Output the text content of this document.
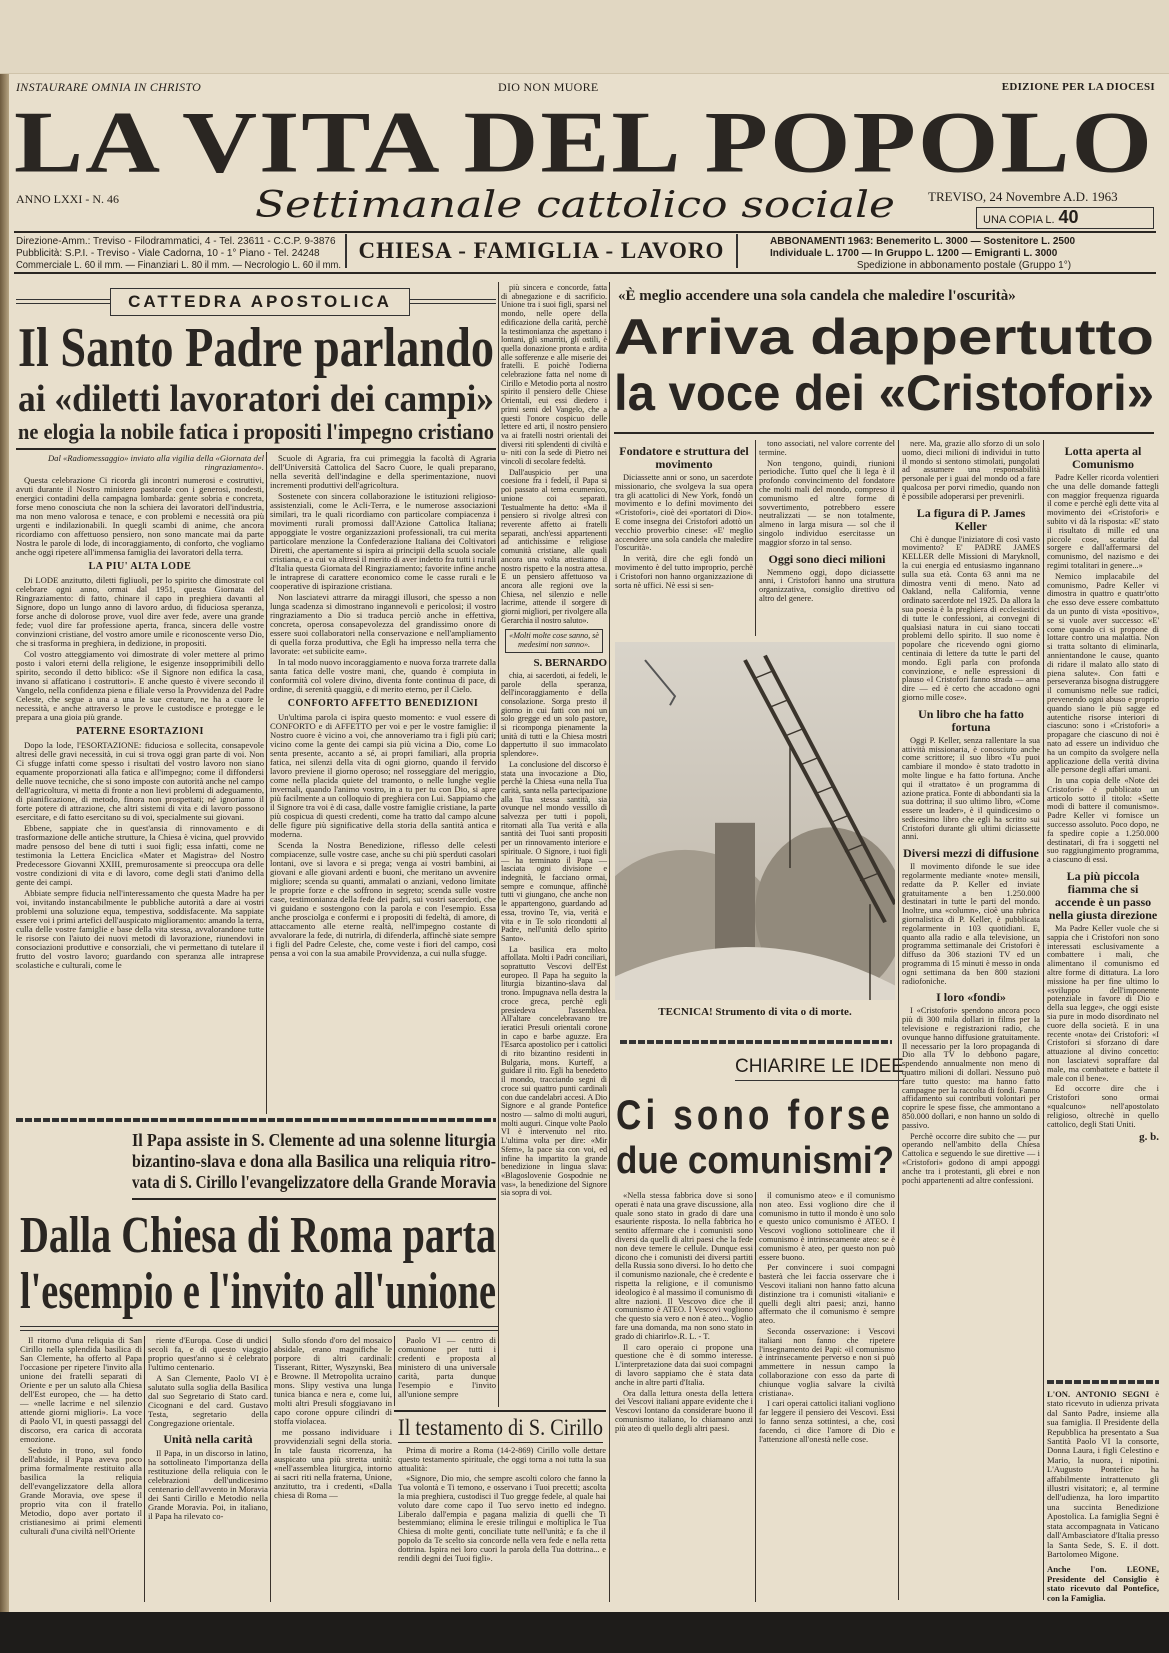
INSTAURARE OMNIA IN CHRISTO	DIO NON MUORE	EDIZIONE PER LA DIOCESI
LA VITA DEL POPOLO
ANNO LXXI - N. 46	Settimanale cattolico sociale	TREVISO, 24 Novembre A.D. 1963
UNA COPIA L. 40
Direzione-Amm.: Treviso - Filodrammatici, 4 - Tel. 23611 - C.C.P. 9-3876
Pubblicità: S.P.I. - Treviso - Viale Cadorna, 10 - 1° Piano - Tel. 24248
Commerciale L. 60 il mm. — Finanziari L. 80 il mm. — Necrologio L. 60 il mm.
CHIESA - FAMIGLIA - LAVORO	ABBONAMENTI 1963: Benemerito L. 3000 — Sostenitore L. 2500
Individuale L. 1700 — In Gruppo L. 1200 — Emigranti L. 3000
Spedizione in abbonamento postale (Gruppo 1°)
CATTEDRA APOSTOLICA
Il Santo Padre parlando
ai «diletti lavoratori dei campi»
ne elogia la nobile fatica i propositi l'impegno cristiano

Dal «Radiomessaggio» inviato alla vigilia della «Giornata del ringraziamento».

Questa celebrazione Ci ricorda gli incontri numerosi e costruttivi, avuti durante il Nostro ministero pastorale con i generosi, modesti, energici contadini della campagna lombarda: gente sobria e concreta, forse meno conosciuta che non la schiera dei lavoratori dell'industria, ma non meno valorosa e tenace, e con problemi e necessità ora più urgenti e indilazionabili. In quegli scambi di anime, che ancora ricordiamo con affettuoso pensiero, non sono mancate mai da parte Nostra le parole di lode, di incoraggiamento, di conforto, che vogliamo anche oggi ripetere all'immensa famiglia dei lavoratori della terra.

LA PIU' ALTA LODE

Di LODE anzitutto, diletti figliuoli, per lo spirito che dimostrate col celebrare ogni anno, ormai dal 1951, questa Giornata del Ringraziamento: di fatto, chinare il capo in preghiera davanti al Signore, dopo un lungo anno di lavoro arduo, di fiduciosa speranza, forse anche di dolorose prove, vuol dire aver fede, avere una grande fede; vuol dire far professione aperta, franca, sincera delle vostre convinzioni cristiane, del vostro amore umile e riconoscente verso Dio, che si trasforma in preghiera, in dedizione, in propositi.

Col vostro atteggiamento voi dimostrate di voler mettere al primo posto i valori eterni della religione, le esigenze insopprimibili dello spirito, secondo il detto biblico: «Se il Signore non edifica la casa, invano si affaticano i costruttori». E anche questo è vivere secondo il Vangelo, nella confidenza piena e filiale verso la Provvidenza del Padre Celeste, che segue a una a una le sue creature, ne ha a cuore le necessità, e anche attraverso le prove le custodisce e protegge e le prepara a una gioia più grande.

PATERNE ESORTAZIONI

Dopo la lode, l'ESORTAZIONE: fiduciosa e sollecita, consapevole altresì delle gravi necessità, in cui si trova oggi gran parte di voi. Non Ci sfugge infatti come spesso i risultati del vostro lavoro non siano equamente proporzionati alla fatica e all'impegno; come il diffondersi delle nuove tecniche, che si sono imposte con autorità anche nel campo dell'agricoltura, vi metta di fronte a non lievi problemi di adeguamento, di pianificazione, di metodo, finora non prospettati; né ignoriamo il forte potere di attrazione, che altri sistemi di vita e di lavoro possono esercitare, e di fatto esercitano su di voi, specialmente sui giovani.

Ebbene, sappiate che in quest'ansia di rinnovamento e di trasformazione delle antiche strutture, la Chiesa è vicina, quel provvido madre pensoso del bene di tutti i suoi figli; essa infatti, come ne testimonia la Lettera Enciclica «Mater et Magistra» del Nostro Predecessore Giovanni XXIII, premurosamente si preoccupa ora delle vostre condizioni di vita e di lavoro, come degli stati d'animo della gente dei campi.

Abbiate sempre fiducia nell'interessamento che questa Madre ha per voi, invitando instancabilmente le pubbliche autorità a dare ai vostri problemi una soluzione equa, tempestiva, soddisfacente. Ma sappiate essere voi i primi artefici dell'auspicato miglioramento: amando la terra, culla delle vostre famiglie e base della vita stessa, avvalorandone tutte le risorse con l'aiuto dei nuovi metodi di lavorazione, riunendovi in consociazioni produttive e consorziali, che vi permettano di tutelare il frutto del vostro lavoro; guardando con speranza alle intraprese scolastiche e culturali, come le

Scuole di Agraria, fra cui primeggia la facoltà di Agraria dell'Università Cattolica del Sacro Cuore, le quali preparano, nella severità dell'indagine e della sperimentazione, nuovi incrementi produttivi dell'agricoltura.

Sostenete con sincera collaborazione le istituzioni religioso-assistenziali, come le Acli-Terra, e le numerose associazioni similari, tra le quali ricordiamo con particolare compiacenza i movimenti rurali promossi dall'Azione Cattolica Italiana; appoggiate le vostre organizzazioni professionali, tra cui merita particolare menzione la Confederazione Italiana dei Coltivatori Diretti, che apertamente si ispira ai principii della scuola sociale cristiana, e a cui va altresì il merito di aver indetto fra tutti i rurali d'Italia questa Giornata del Ringraziamento; favorite infine anche le intraprese di carattere economico come le casse rurali e le cooperative di ispirazione cristiana.

Non lasciatevi attrarre da miraggi illusori, che spesso a non lunga scadenza si dimostrano ingannevoli e pericolosi; il vostro ringraziamento a Dio si traduca perciò anche in effettiva, concreta, operosa consapevolezza del grandissimo onore di essere suoi collaboratori nella conservazione e nell'ampliamento di quella forza produttiva, che Egli ha impresso nella terra che lavorate: «et subiicite eam».

In tal modo nuovo incoraggiamento e nuova forza trarrete dalla santa fatica delle vostre mani, che, quando è compiuta in conformità col volere divino, diventa fonte continua di pace, di ordine, di serenità quaggiù, e di merito eterno, per il Cielo.

CONFORTO AFFETTO BENEDIZIONI

Un'ultima parola ci ispira questo momento: e vuol essere di CONFORTO e di AFFETTO per voi e per le vostre famiglie: il Nostro cuore è vicino a voi, che annoveriamo tra i figli più cari; vicino come la gente dei campi sia più vicina a Dio, come Lo senta presente, accanto a sé, ai propri familiari, alla propria fatica, nei silenzi della vita di ogni giorno, quando il fervido lavoro previene il giorno operoso; nel rosseggiare del meriggio, come nella placida quiete del tramonto, o nelle lunghe veglie invernali, quando l'animo vostro, in a tu per tu con Dio, si apre più facilmente a un colloquio di preghiera con Lui. Sappiamo che il Signore tra voi è di casa, dalle vostre famiglie cristiane, la parte più cospicua di questi credenti, come ha tratto dal campo alcune delle figure più significative della storia della santità antica e moderna.

Scenda la Nostra Benedizione, riflesso delle celesti compiacenze, sulle vostre case, anche su chi più sperduti casolari lontani, ove si lavora e si prega; venga ai vostri bambini, ai giovani e alle giovani ardenti e buoni, che meritano un avvenire migliore; scenda su quanti, ammalati o anziani, vedono limitate le proprie forze e che soffrono in segreto; scenda sulle vostre case, testimonianza della fede dei padri, sui vostri sacerdoti, che vi guidano e sostengono con la parola e con l'esempio. Essa anche prosciolga e confermi e i propositi di fedeltà, di amore, di attaccamento alle eterne realtà, nell'impegno costante di avvalorare la fede, di nutrirla, di difenderla, affinchè siate sempre i figli del Padre Celeste, che, come veste i fiori del campo, così pensa a voi con la sua amabile Provvidenza, a cui nulla sfugge.

più sincera e concorde, fatta di abnegazione e di sacrificio. Unione tra i suoi figli, sparsi nel mondo, nelle opere della edificazione della carità, perchè la testimonianza che aspettano i lontani, gli smarriti, gli ostili, è quella donazione pronta e ardita alle sofferenze e alle miserie dei fratelli. E poichè l'odierna celebrazione fatta nel nome di Cirillo e Metodio porta al nostro spirito il pensiero delle Chiese Orientali, eui essi diedero i primi semi del Vangelo, che a questi l'onore cospicuo delle lettere ed arti, il nostro pensiero va ai fratelli nostri orientali dei diversi riti splendenti di civiltà e u- niti con la sede di Pietro nei vincoli di secolare fedeltà.

Dall'auspicio per una coesione fra i fedeli, il Papa si poi passato al tema ecumenico, unione coi separati. Testualmente ha detto: «Ma il pensiero si rivolge altresì con reverente affetto ai fratelli separati, anch'essi appartenenti ad antichissime e religiose comunità cristiane, alle quali ancora una volta attestiamo il nostro rispetto e la nostra attesa. E un pensiero affettuoso va ancora alle regioni ove la Chiesa, nel silenzio e nelle lacrime, attende il sorgere di giorni migliori, per rivolgere alla Gerarchia il nostro saluto».

«Molti molte cose sanno, sè medesimi non sanno».

S. BERNARDO

chia, ai sacerdoti, ai fedeli, le parole della speranza, dell'incoraggiamento e della consolazione. Sorga presto il giorno in cui fatti con noi un solo gregge ed un solo pastore, si ricomponga pienamente la unità di tutti e la Chiesa mostri dappertutto il suo immacolato splendore».

La conclusione del discorso è stata una invocazione a Dio, perchè la Chiesa «una nella Tua carità, santa nella partecipazione alla Tua stessa santità, sia ovunque nel mondo vessillo di salvezza per tutti i popoli, ritornati alla Tua verità e alla santità dei Tuoi santi propositi per un rinnovamento interiore e spirituale. O Signore, i tuoi figli — ha terminato il Papa — lasciata ogni divisione e indegnità, le facciano ormai, sempre e comunque, affinchè tutti vi giungano, che anche non le appartengono, guardando ad essa, trovino Te, via, verità e vita e in Te solo ricondotti al Padre, nell'unità dello spirito Santo».

La basilica era molto affollata. Molti i Padri conciliari, soprattutto Vescovi dell'Est europeo. Il Papa ha seguito la liturgia bizantino-slava dal trono. Impugnava nella destra la croce greca, perchè egli presiedeva l'assemblea. All'altare concelebravano tre ieratici Presuli orientali corone in capo e barbe aguzze. Era l'Esarca apostolico per i cattolici di rito bizantino residenti in Bulgaria, mons. Kurteff, a guidare il rito. Egli ha benedetto il mondo, tracciando segni di croce sui quattro punti cardinali con due candelabri accesi. A Dio Signore e al grande Pontefice nostro — salmo di molti auguri, molti auguri. Cinque volte Paolo VI è intervenuto nel rito. L'ultima volta per dire: «Mir Sfem», la pace sia con voi, ed infine ha impartito la grande benedizione in lingua slava: «Blagoslovenie Gospodnie ne vas», la benedizione del Signore sia sopra di voi.

«È meglio accendere una sola candela che maledire l'oscurità»
Arriva dappertutto
la voce dei «Cristofori»
Fondatore e struttura del movimento

Diciassette anni or sono, un sacerdote missionario, che svolgeva la sua opera tra gli acattolici di New York, fondò un movimento e lo definì movimento dei «Cristofori», cioè dei «portatori di Dio». E come insegna dei Cristofori adottò un vecchio proverbio cinese: «E' meglio accendere una sola candela che maledire l'oscurità».

In verità, dire che egli fondò un movimento è del tutto improprio, perchè i Cristofori non hanno organizzazione di sorta nè uffici. Nè essi si sen-

tono associati, nel valore corrente del termine.

Non tengono, quindi, riunioni periodiche. Tutto quel che li lega è il profondo convincimento del fondatore che molti mali del mondo, compreso il comunismo ed altre forme di sovvertimento, potrebbero essere neutralizzati — se non totalmente, almeno in larga misura — sol che il singolo individuo esercitasse un maggior sforzo in tal senso.

Oggi sono dieci milioni

Nemmeno oggi, dopo diciassette anni, i Cristofori hanno una struttura organizzativa, consiglio direttivo od altro del genere.

nere. Ma, grazie allo sforzo di un solo uomo, dieci milioni di individui in tutto il mondo si sentono stimolati, pungolati ad assumere una responsabilità personale per i guai del mondo od a fare qualcosa per porvi rimedio, quando non è possibile adoperarsi per prevenirli.

La figura di P. James Keller

Chi è dunque l'iniziatore di così vasto movimento? E' PADRE JAMES KELLER delle Missioni di Maryknoll, la cui energia ed entusiasmo ingannano sulla sua età. Conta 63 anni ma ne dimostra venti di meno. Nato ad Oakland, nella California, venne ordinato sacerdote nel 1925. Da allora la sua poesia è la preghiera di ecclesiastici di tutte le confessioni, ai convegni di qualsiasi natura in cui siano toccati problemi dello spirito. Il suo nome è popolare che ricevendo ogni giorno centinaia di lettere da tutte le parti del mondo. Egli parla con profonda convinzione, e nelle espressioni di plauso «I Cristofori fanno strada — ama dire — ed è certo che accadono ogni giorno mille cose».

Un libro che ha fatto fortuna

Oggi P. Keller, senza rallentare la sua attività missionaria, è conosciuto anche come scrittore; il suo libro «Tu puoi cambiare il mondo» è stato tradotto in molte lingue e ha fatto fortuna. Anche qui il «trattato» è un programma di azione pratica. Fonte di abbondanti sia la sua dottrina; il suo ultimo libro, «Come essere un leader», è il quindicesimo o sedicesimo libro che egli ha scritto sui Cristofori durante gli ultimi diciassette anni.

Diversi mezzi di diffusione

Il movimento difonde le sue idee regolarmente mediante «note» mensili, redatte da P. Keller ed inviate gratuitamente a ben 1.250.000 destinatari in tutte le parti del mondo. Inoltre, una «column», cioè una rubrica giornalistica di P. Keller, è pubblicata regolarmente in 103 quotidiani. E, quanto alla radio e alla televisione, un programma settimanale dei Cristofori è diffuso da 306 stazioni TV ed un programma di 15 minuti è messo in onda ogni settimana da ben 800 stazioni radiofoniche.

I loro «fondi»

I «Cristofori» spendono ancora poco più di 300 mila dollari in films per la televisione e registrazioni radio, che ovunque hanno diffusione gratuitamente. Il necessario per la loro propaganda di Dio alla TV lo debbono pagare, spendendo annualmente non meno di quattro milioni di dollari. Nessuno può fare tutto questo: ma hanno fatto campagne per la raccolta di fondi. Fanno affidamento sui contributi volontari per coprire le spese fisse, che ammontano a 850.000 dollari, e non hanno un soldo di passivo.

Perchè occorre dire subito che — pur operando nell'ambito della Chiesa Cattolica e seguendo le sue direttive — i «Cristofori» godono di ampi appoggi anche tra i protestanti, gli ebrei e non pochi appartenenti ad altre confessioni.

Lotta aperta al Comunismo

Padre Keller ricorda volentieri che una delle domande fattegli con maggior frequenza riguarda il come e perchè egli dette vita al movimento dei «Cristofori» e subito vi dà la risposta: «E' stato il risultato di mille ed una piccole cose, scaturite dal sorgere e dall'affermarsi del comunismo, del nazismo e dei regimi totalitari in genere...»

Nemico implacabile del comunismo, Padre Keller vi dimostra in quattro e quattr'otto che esso deve essere combattuto da un punto di vista «positivo», se si vuole aver successo: «E' come quando ci si propone di lottare contro una malattia. Non si tratta soltanto di eliminarla, annientandone le cause, quanto di ridare il malato allo stato di piena salute». Con fatti e perseveranza bisogna distruggere il comunismo nelle sue radici, prevenendo ogni abuso e proprio quando siano le più sagge ed autentiche risorse interiori di ciascuno: sono i «Cristofori» a propagare che ciascuno di noi è nato ad essere un individuo che ha un compito da svolgere nella applicazione della verità divina alle persone degli affari umani.

In una copia delle «Note dei Cristofori» è pubblicato un articolo sotto il titolo: «Sette modi di battere il comunismo». Padre Keller vi fornisce un successo assoluto. Poco dopo, ne fa spedire copie a 1.250.000 destinatari, di fra i soggetti nel suo raggiungimento programma, a ciascuno di essi.

La più piccola fiamma che si accende è un passo nella giusta direzione

Ma Padre Keller vuole che si sappia che i Cristofori non sono interessati esclusivamente a combattere i mali, che alimentano il comunismo ed altre forme di dittatura. La loro missione ha per fine ultimo lo «sviluppo dell'imponente potenziale in favore di Dio e della sua legge», che oggi esiste sia pure in modo disordinato nel cuore della società. E in una recente «nota» dei Cristofori: «I Cristofori si sforzano di dare attuazione al divino concetto: non lasciatevi sopraffare dal male, ma combattete e battete il male con il bene».

Ed occorre dire che i Cristofori sono ormai «qualcuno» nell'apostolato religioso, oltrechè in quello cattolico, degli Stati Uniti.

g. b.

TECNICA! Strumento di vita o di morte.
CHIARIRE LE IDEE
Ci sono forse
due comunismi?

«Nella stessa fabbrica dove si sono operati è nata una grave discussione, alla quale sono stato in grado di dare una esauriente risposta. Io nella fabbrica ho sentito affermare che i comunisti sono diversi da quelli di altri paesi che la fede non deve temere le cellule. Dunque essi dicono che i comunisti dei diversi partiti della Russia sono diversi. Io ho detto che il comunismo nazionale, che è credente e rispetta la religione, e il comunismo ideologico è al massimo il comunismo di altre nazioni. Il Vescovo dice che il comunismo è ATEO. I Vescovi vogliono che questo sia vero e non è ateo... Voglio fare una domanda, ma non sono stato in grado di chiarirlo».R. L. - T.

Il caro operaio ci propone una questione che è di sommo interesse. L'interpretazione data dai suoi compagni di lavoro sappiamo che è stata data anche in altre parti d'Italia.

Ora dalla lettura onesta della lettera dei Vescovi italiani appare evidente che i Vescovi lontano da considerare buono il comunismo italiano, lo chiamano anzi più ateo di quello degli altri paesi.

il comunismo ateo» e il comunismo non ateo. Essi vogliono dire che il comunismo in tutto il mondo è uno solo e questo unico comunismo è ATEO. I Vescovi vogliono sottolineare che il comunismo è intrinsecamente ateo: se è comunismo è ateo, per questo non può essere buono.

Per convincere i suoi compagni basterà che lei faccia osservare che i Vescovi italiani non hanno fatto alcuna distinzione tra i comunisti «italiani» e quelli degli altri paesi; anzi, hanno affermato che il comunismo è sempre ateo.

Seconda osservazione: i Vescovi italiani non fanno che ripetere l'insegnamento dei Papi: «il comunismo è intrinsecamente perverso e non si può ammettere in nessun campo la collaborazione con esso da parte di chiunque voglia salvare la civiltà cristiana».

I cari operai cattolici italiani vogliono far leggere il pensiero dei Vescovi. Essi lo fanno senza sottintesi, a che, così facendo, ci dice l'amore di Dio e l'attenzione all'onestà nelle cose.

L'ON. ANTONIO SEGNI è stato ricevuto in udienza privata dal Santo Padre, insieme alla sua famiglia. Il Presidente della Repubblica ha presentato a Sua Santità Paolo VI la consorte, Donna Laura, i figli Celestino e Mario, la nuora, i nipotini. L'Augusto Pontefice ha affabilmente intrattenuto gli illustri visitatori; e, al termine dell'udienza, ha loro impartito una succinta Benedizione Apostolica. La famiglia Segni è stata accompagnata in Vaticano dall'Ambasciatore d'Italia presso la Santa Sede, S. E. il dott. Bartolomeo Migone.

Anche l'on. LEONE, Presidente del Consiglio è stato ricevuto dal Pontefice, con la Famiglia.

Il Papa assiste in S. Clemente ad una solenne liturgia
bizantino-slava e dona alla Basilica una reliquia ritro-
vata di S. Cirillo l'evangelizzatore della Grande Moravia
Dalla Chiesa di Roma parta
l'esempio e l'invito all'unione

Il ritorno d'una reliquia di San Cirillo nella splendida basilica di San Clemente, ha offerto al Papa l'occasione per ripetere l'invito alla unione dei fratelli separati di Oriente e per un saluto alla Chiesa dell'Est europeo, che — ha detto — «nelle lacrime e nel silenzio attende giorni migliori». La voce di Paolo VI, in questi passaggi del discorso, era carica di accorata emozione.

Seduto in trono, sul fondo dell'abside, il Papa aveva poco prima formalmente restituito alla basilica la reliquia dell'evangelizzatore della allora Grande Moravia, ove spese il proprio vita con il fratello Metodio, dopo aver portato il cristianesimo ai primi elementi culturali d'una civiltà nell'Oriente

riente d'Europa. Cose di undici secoli fa, e di questo viaggio proprio quest'anno si è celebrato l'ultimo centenario.

A San Clemente, Paolo VI è salutato sulla soglia della Basilica dal suo Segretario di Stato card. Cicognani e del card. Gustavo Testa, segretario della Congregazione orientale.

Unità nella carità

Il Papa, in un discorso in latino, ha sottolineato l'importanza della restituzione della reliquia con le celebrazioni dell'undicesimo centenario dell'avvento in Moravia dei Santi Cirillo e Metodio nella Grande Moravia. Poi, in italiano, il Papa ha rilevato co-

Sullo sfondo d'oro del mosaico absidale, erano magnifiche le porpore di altri cardinali: Tisserant, Ritter, Wyszynski, Bea e Browne. Il Metropolita ucraino mons. Slipy vestiva una lunga tunica bianca e nera e, come lui, molti altri Presuli sfoggiavano in capo corone oppure cilindri di stoffa violacea.

me possano individuare i provvidenziali segni della storia. In tale fausta ricorrenza, ha auspicato una più stretta unità: «nell'assemblea liturgica, intorno ai sacri riti nella fraterna, Unione, anzitutto, tra i credenti, «Dalla chiesa di Roma —

Paolo VI — centro di comunione per tutti i credenti e proposta al ministero di una universale carità, parta dunque l'esempio e l'invito all'unione sempre

Il testamento di S. Cirillo

Prima di morire a Roma (14-2-869) Cirillo volle dettare questo testamento spirituale, che oggi torna a noi tutta la sua attualità:

«Signore, Dio mio, che sempre ascolti coloro che fanno la Tua volontà e Ti temono, e osservano i Tuoi precetti; ascolta la mia preghiera, custodisci il Tuo gregge fedele, al quale hai voluto dare come capo il Tuo servo inetto ed indegno. Liberalo dall'empia e pagana malizia di quelli che Ti bestemmiano; elimina le eresie trilingui e moltiplica le Tua Chiesa di molte genti, conciliate tutte nell'unità; e fa che il popolo da Te scelto sia concorde nella vera fede e nella retta dottrina. Ispira nei loro cuori la parola della Tua dottrina... e rendili degni dei Tuoi figli».
